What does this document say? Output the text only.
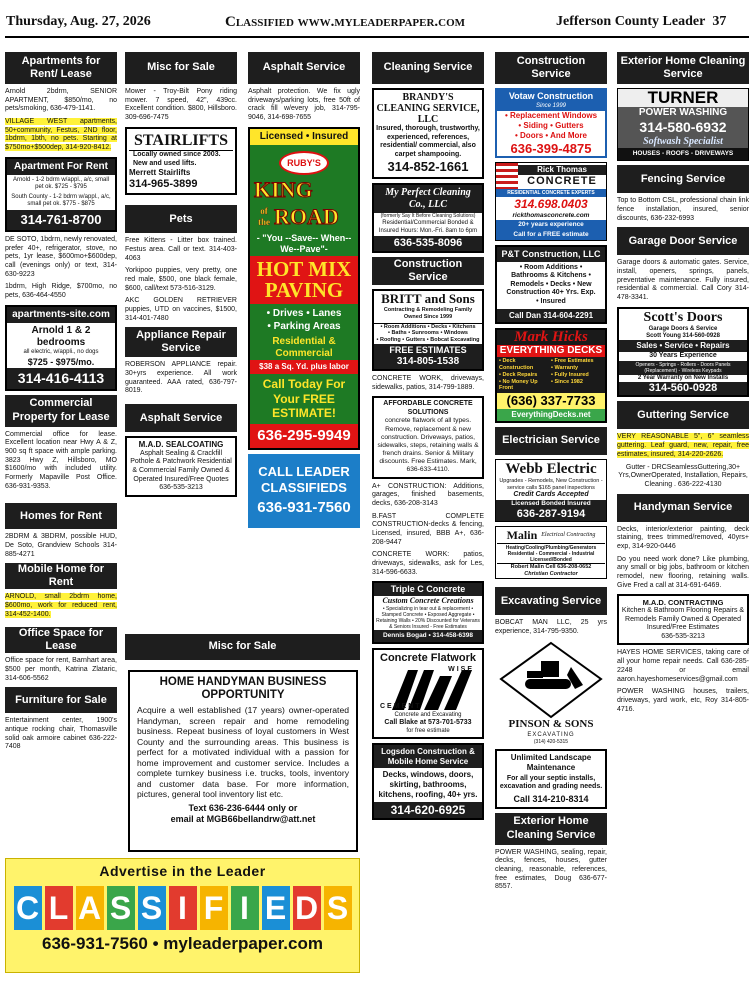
Thursday, Aug. 27, 2026	Classified www.myleaderpaper.com	Jefferson County Leader 37
Apartments for Rent/ Lease
Arnold 2bdrm, SENIOR APARTMENT, $850/mo, no pets/smoking, 636-479-1141.
VILLAGE WEST apartments, 50+community, Festus, 2ND floor, 1bdrm, 1bth, no pets. Starting at $750mo+$500dep, 314-920-8412.
Apartment For Rent
Arnold - 1-2 bdrm w/appl., a/c, small pet ok. $725 - $795
South County - 1-2 bdrm w/appl., a/c, small pet ok. $775 - $875
314-761-8700
DE SOTO, 1bdrm, newly renovated, prefer 40+, refrigerator, stove, no pets, 1yr lease, $600mo+$600dep, call (evenings only) or text, 314-630-9223
1bdrm, High Ridge, $700mo, no pets, 636-464-4550
apartments-site.com
Arnold 1 & 2 bedrooms
all electric, w/appli., no dogs
$725 - $975/mo.
314-416-4113
Commercial Property for Lease
Commercial office for lease. Excellent location near Hwy A & Z, 900 sq ft space with ample parking. 3823 Hwy Z, Hillsboro, MO $1600/mo with included utility. Formerly Mapaville Post Office. 636-931-9353.
Homes for Rent
2BDRM & 3BDRM, possible HUD, De Soto, Grandview Schools 314-885-4271
Mobile Home for Rent
ARNOLD, small 2bdrm home, $600mo, work for reduced rent, 314-452-1400.
Office Space for Lease
Office space for rent, Barnhart area, $500 per month, Katrina Zlataric, 314-606-5562
Furniture for Sale
Entertainment center, 1900's antique rocking chair, Thomasville solid oak armoire cabinet 636-222-7408
Misc for Sale
Mower - Troy-Bilt Pony riding mower. 7 speed, 42", 439cc. Excellent condition. $800, Hillsboro. 309-696-7475
STAIRLIFTS
Locally owned since 2003.
New and used lifts.
Merrett Stairlifts
314-965-3899
Pets
Free Kittens - Litter box trained. Festus area. Call or text. 314-403-4063
Yorkipoo puppies, very pretty, one red male, $500, one black female, $600, call/text 573-516-3129.
AKC GOLDEN RETRIEVER puppies, UTD on vaccines, $1500, 314-401-7480
Appliance Repair Service
ROBERSON APPLIANCE repair. 30+yrs experience. All work guaranteed. AAA rated, 636-797-8019.
Asphalt Service
M.A.D. SEALCOATING
Asphalt Sealing & Crackfill Pothole & Patchwork Residential & Commercial Family Owned & Operated Insured/Free Quotes
636-535-3213
Asphalt Service
Asphalt protection. We fix ugly driveways/parking lots, free 50ft of crack fill w/every job, 314-795-9046, 314-698-7655
Licensed • Insured
RUBY'S
KING
of the ROAD
- "You --Save-- When--We--Pave"-
HOT MIX PAVING
• Drives • Lanes
• Parking Areas
Residential & Commercial
$38 a Sq. Yd. plus labor
Call Today For Your FREE ESTIMATE!
636-295-9949
CALL LEADER CLASSIFIEDS
636-931-7560
Misc for Sale
HOME HANDYMAN BUSINESS OPPORTUNITY
Acquire a well established (17 years) owner-operated Handyman, screen repair and home remodeling business. Repeat business of loyal customers in West County and the surrounding areas. This business is perfect for a motivated individual with a passion for home improvement and customer service. Includes a complete turnkey business i.e. trucks, tools, inventory and customer data base. For more information, pictures, general tool inventory list etc.
Text 636-236-6444 only or
email at MGB66bellandrw@att.net
Advertise in the Leader
C L A S S I F I E D S
636-931-7560 • myleaderpaper.com
Cleaning Service
BRANDY'S CLEANING SERVICE, LLC
Insured, thorough, trustworthy, experienced, references, residential/ commercial, also carpet shampooing.
314-852-1661
My Perfect Cleaning Co., LLC
(formerly Say It Before Cleaning Solutions)
Residential/Commercial Bonded & Insured Hours: Mon.-Fri. 8am to 6pm
636-535-8096
Construction Service
BRITT and Sons
Contracting & Remodeling Family Owned Since 1999
• Room Additions • Decks • Kitchens
• Baths • Sunrooms • Windows
• Roofing • Gutters • Bobcat Excavating
FREE ESTIMATES
314-805-1538
CONCRETE WORK, driveways, sidewalks, patios, 314-799-1889.
AFFORDABLE CONCRETE SOLUTIONS
concrete flatwork of all types. Remove, replacement & new construction. Driveways, patios, sidewalks, steps, retaining walls & french drains. Senior & Military discounts. Free Estimates. Mark, 636-633-4110.
A+ CONSTRUCTION: Additions, garages, finished basements, decks, 636-208-3143
B.FAST COMPLETE CONSTRUCTION-decks & fencing, Licensed, insured, BBB A+, 636-208-9447
CONCRETE WORK: patios, driveways, sidewalks, ask for Les, 314-596-6633.
Triple C Concrete
Custom Concrete Creations
• Specializing in tear out & replacement • Stamped Concrete • Exposed Aggregate • Retaining Walls • 20% Discounted for Veterans & Seniors Insured - Free Estimates
Dennis Bogad • 314-458-6398
Concrete Flatwork
WISE
CEMENT
Concrete and Excavating
Call Blake at 573-701-5733
for free estimate
Logsdon Construction & Mobile Home Service
Decks, windows, doors, skirting, bathrooms, kitchens, roofing, 40+ yrs.
314-620-6925
Construction Service
Votaw Construction
Since 1999
• Replacement Windows
• Siding • Gutters
• Doors • And More
636-399-4875
Rick Thomas
CONCRETE
RESIDENTIAL CONCRETE EXPERTS
314.698.0403
rickthomasconcrete.com
20+ years experience
Call for a FREE estimate
P&T Construction, LLC
• Room Additions • Bathrooms & Kitchens • Remodels • Decks • New Construction 40+ Yrs. Exp. • Insured
Call Dan 314-604-2291
Mark Hicks
EVERYTHING DECKS
• Deck Construction
• Deck Repairs
• No Money Up Front
• Free Estimates
• Warranty
• Fully Insured
• Since 1982
(636) 337-7733
EverythingDecks.net
Electrician Service
Webb Electric
Upgrades - Remodels, New Construction - service calls $165 panel inspections
Credit Cards Accepted
Licensed Bonded Insured
636-287-9194
Malin Electrical Contracting
Heating/Cooling/Plumbing/Generators Residential - Commercial - Industrial Licensed/Bonded
Robert Malin Cell 636-208-0652
Christian Contractor
Excavating Service
BOBCAT MAN LLC, 25 yrs experience, 314-795-9350.
PINSON & SONS
EXCAVATING
(314) 420-5315
Unlimited Landscape Maintenance
For all your septic installs, excavation and grading needs.
Call 314-210-8314
Exterior Home Cleaning Service
POWER WASHING, sealing, repair, decks, fences, houses, gutter cleaning, reasonable, references, free estimates, Doug 636-677-8557.
Exterior Home Cleaning Service
TURNER
POWER WASHING
314-580-6932
Softwash Specialist
HOUSES - ROOFS - DRIVEWAYS
Fencing Service
Top to Bottom CSL, professional chain link fence installation, insured, senior discounts, 636-232-6993
Garage Door Service
Garage doors & automatic gates. Service, install, openers, springs, panels, preventative maintenance. Fully insured, residential & commercial. Call Cory 314-478-3341.
Scott's Doors
Garage Doors & Service
Scott Young 314-560-0928
Sales • Service • Repairs
30 Years Experience
Openers - Springs - Rollers - Doors Panels (Replacement) - Wireless Keypads
2 Year Warranty on New Installs
314-560-0928
Guttering Service
VERY REASONABLE 5", 6" seamless guttering. Leaf guard, new, repair, free estimates, insured, 314-220-2626.
Gutter - DRCSeamlessGuttering,30+ Yrs,OwnerOperated, Installation, Repairs, Cleaning . 636-222-4130
Handyman Service
Decks, interior/exterior painting, deck staining, trees trimmed/removed, 40yrs+ exp, 314-920-0446
Do you need work done? Like plumbing, any small or big jobs, bathroom or kitchen remodel, new flooring, retaining walls. Give Fred a call at 314-691-6469.
M.A.D. CONTRACTING
Kitchen & Bathroom Flooring Repairs & Remodels Family Owned & Operated Insured/Free Estimates
636-535-3213
HAYES HOME SERVICES, taking care of all your home repair needs. Call 636-285-2248 or email aaron.hayeshomeservices@gmail.com
POWER WASHING houses, trailers, driveways, yard work, etc, Roy 314-805-4716.
